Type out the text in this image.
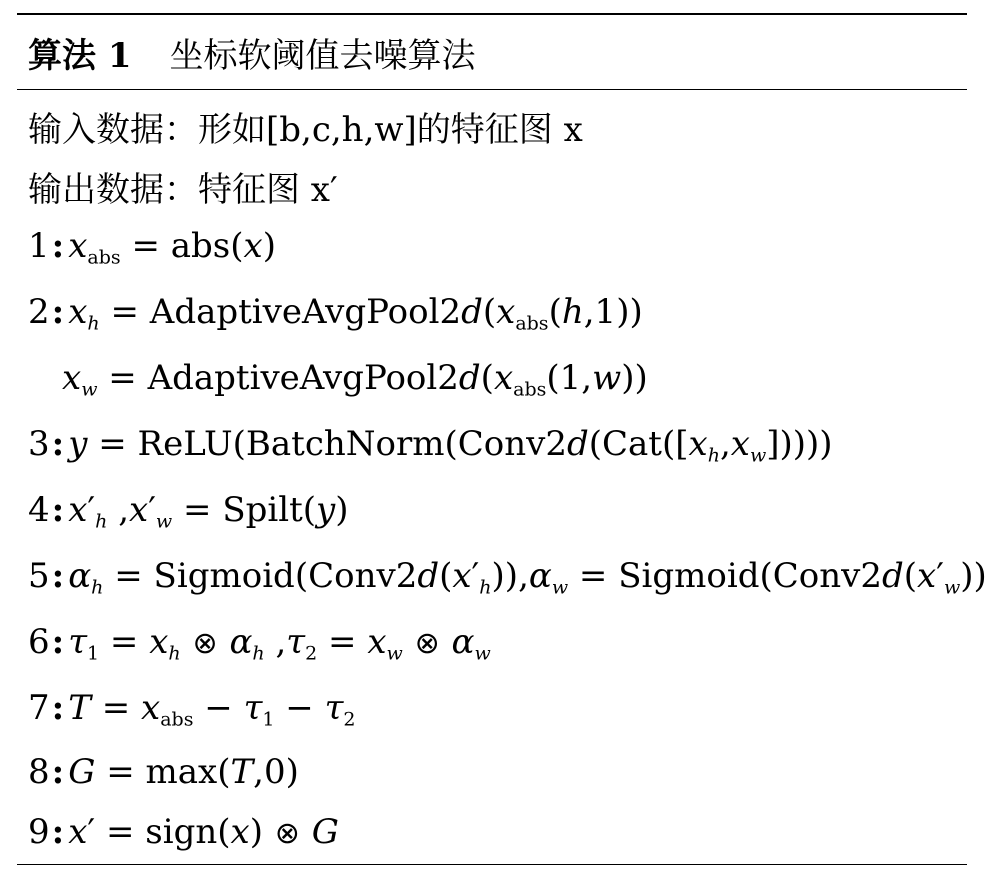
算法 1 坐标软阈值去噪算法
输入数据： 形如[b,c,h,w]的特征图 x
输出数据： 特征图 x′
1 : $x_{abs} = abs(x)$
2 : $x_h$ = $AdaptiveAvgPool2d(x_{abs}(h,1))$
$x_w$ = $AdaptiveAvgPool2d(x_{abs}(1,w))$
3 : $y = ReLU(BatchNorm(Conv2d(Cat([x_h,x_w]))))$
4 : $x'_h$ $,x'_w$ = Spilt(y)
5 : $\alpha_h$ = $Sigmoid(Conv2d(x'_h)),\alpha_w$ = $Sigmoid(Conv2d(x'_w))$
6 : $\tau_1 = x_h$ ⊗ $\alpha_h$ $,\tau_2 = x_w$ ⊗ $\alpha_w$
7 : $T = x_{abs} - \tau_1 - \tau_2$
8 : G = max(T,0)
9 : x′ = sign(x) ⊗ G
